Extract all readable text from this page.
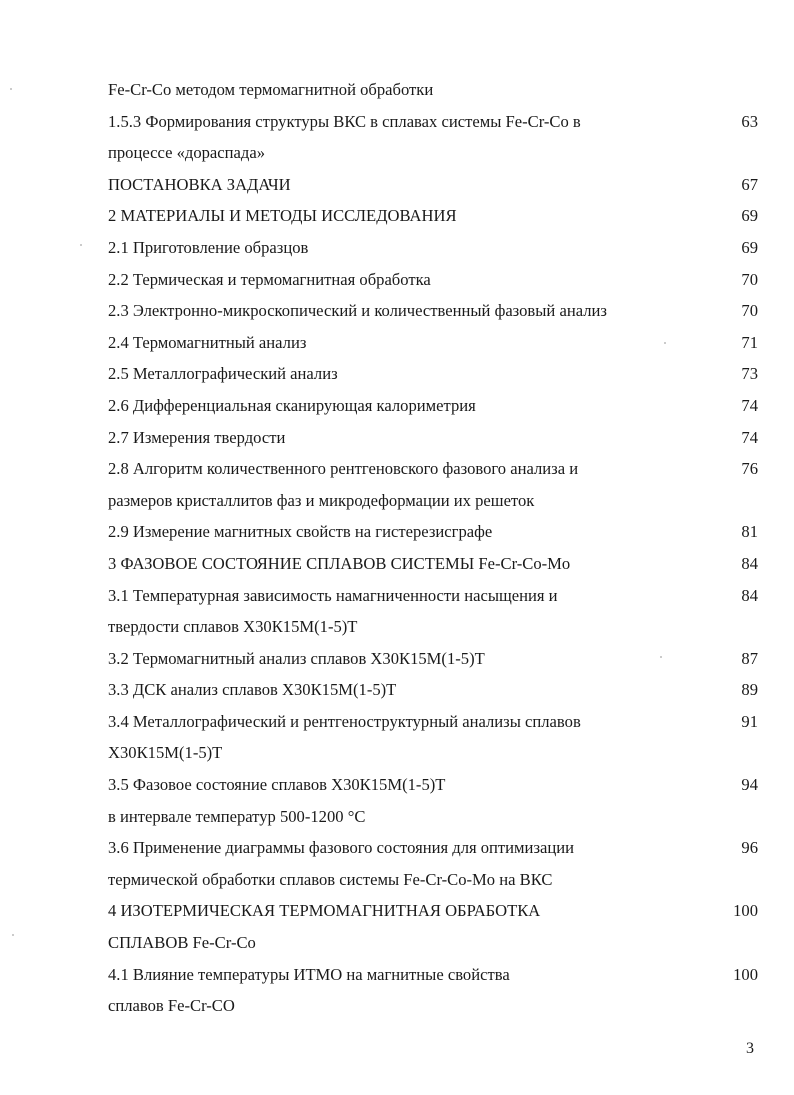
Fe-Cr-Co методом термомагнитной обработки
1.5.3 Формирования структуры ВКС в сплавах системы Fe-Cr-Co в	63
процессе «дораспада»
ПОСТАНОВКА ЗАДАЧИ	67
2 МАТЕРИАЛЫ И МЕТОДЫ ИССЛЕДОВАНИЯ	69
2.1 Приготовление образцов	69
2.2 Термическая и термомагнитная обработка	70
2.3 Электронно-микроскопический и количественный фазовый анализ	70
2.4 Термомагнитный анализ	71
2.5 Металлографический анализ	73
2.6 Дифференциальная сканирующая калориметрия	74
2.7 Измерения твердости	74
2.8 Алгоритм количественного рентгеновского фазового анализа и	76
размеров кристаллитов фаз и микродеформации их решеток
2.9 Измерение магнитных свойств на гистерезисграфе	81
3 ФАЗОВОЕ СОСТОЯНИЕ СПЛАВОВ СИСТЕМЫ Fe-Cr-Co-Mo	84
3.1 Температурная зависимость намагниченности насыщения и	84
твердости сплавов Х30К15М(1-5)Т
3.2 Термомагнитный анализ сплавов Х30К15М(1-5)Т	87
3.3 ДСК анализ сплавов Х30К15М(1-5)Т	89
3.4 Металлографический и рентгеноструктурный анализы сплавов	91
Х30К15М(1-5)Т
3.5 Фазовое состояние сплавов Х30К15М(1-5)Т	94
в интервале температур 500-1200 °С
3.6 Применение диаграммы фазового состояния для оптимизации	96
термической обработки сплавов системы Fe-Cr-Co-Mo на ВКС
4 ИЗОТЕРМИЧЕСКАЯ ТЕРМОМАГНИТНАЯ ОБРАБОТКА	100
СПЛАВОВ Fe-Cr-Co
4.1 Влияние температуры ИТМО на магнитные свойства	100
сплавов Fe-Cr-CO
3
